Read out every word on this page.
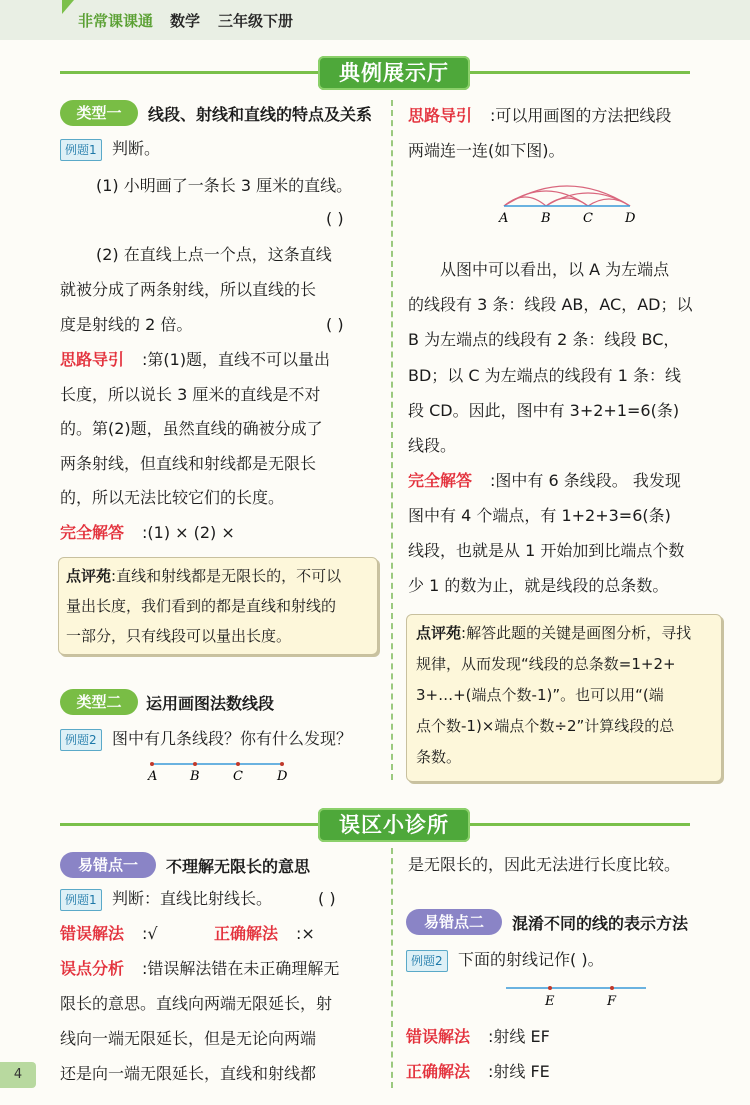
非常课课通 数学 三年级下册
典例展示厅
类型一	线段、射线和直线的特点及关系
例题1 判断。
(1) 小明画了一条长 3 厘米的直线。
( )
(2) 在直线上点一个点，这条直线
就被分成了两条射线，所以直线的长
度是射线的 2 倍。	( )
思路导引 :第(1)题，直线不可以量出
长度，所以说长 3 厘米的直线是不对
的。第(2)题，虽然直线的确被分成了
两条射线，但直线和射线都是无限长
的，所以无法比较它们的长度。
完全解答 :(1) × (2) ×
点评苑:直线和射线都是无限长的，不可以
量出长度，我们看到的都是直线和射线的
一部分，只有线段可以量出长度。
类型二	运用画图法数线段
例题2 图中有几条线段？你有什么发现？
A	B	C	D
思路导引 :可以用画图的方法把线段
两端连一连(如下图)。
A	B C D
从图中可以看出，以 A 为左端点
的线段有 3 条：线段 AB，AC，AD；以
B 为左端点的线段有 2 条：线段 BC，
BD；以 C 为左端点的线段有 1 条：线
段 CD。因此，图中有 3+2+1=6(条)
线段。
完全解答 :图中有 6 条线段。 我发现
图中有 4 个端点，有 1+2+3=6(条)
线段，也就是从 1 开始加到比端点个数
少 1 的数为止，就是线段的总条数。
点评苑:解答此题的关键是画图分析，寻找
规律，从而发现“线段的总条数=1+2+
3+…+(端点个数-1)”。也可以用“(端
点个数-1)×端点个数÷2”计算线段的总
条数。
误区小诊所
易错点一	不理解无限长的意思
例题1 判断：直线比射线长。	( )
错误解法 :√	正确解法 :×
误点分析 :错误解法错在未正确理解无
限长的意思。直线向两端无限延长，射
线向一端无限延长，但是无论向两端
还是向一端无限延长，直线和射线都
是无限长的，因此无法进行长度比较。
易错点二	混淆不同的线的表示方法
例题2 下面的射线记作( )。
E	F
错误解法 :射线 EF
正确解法 :射线 FE
4
